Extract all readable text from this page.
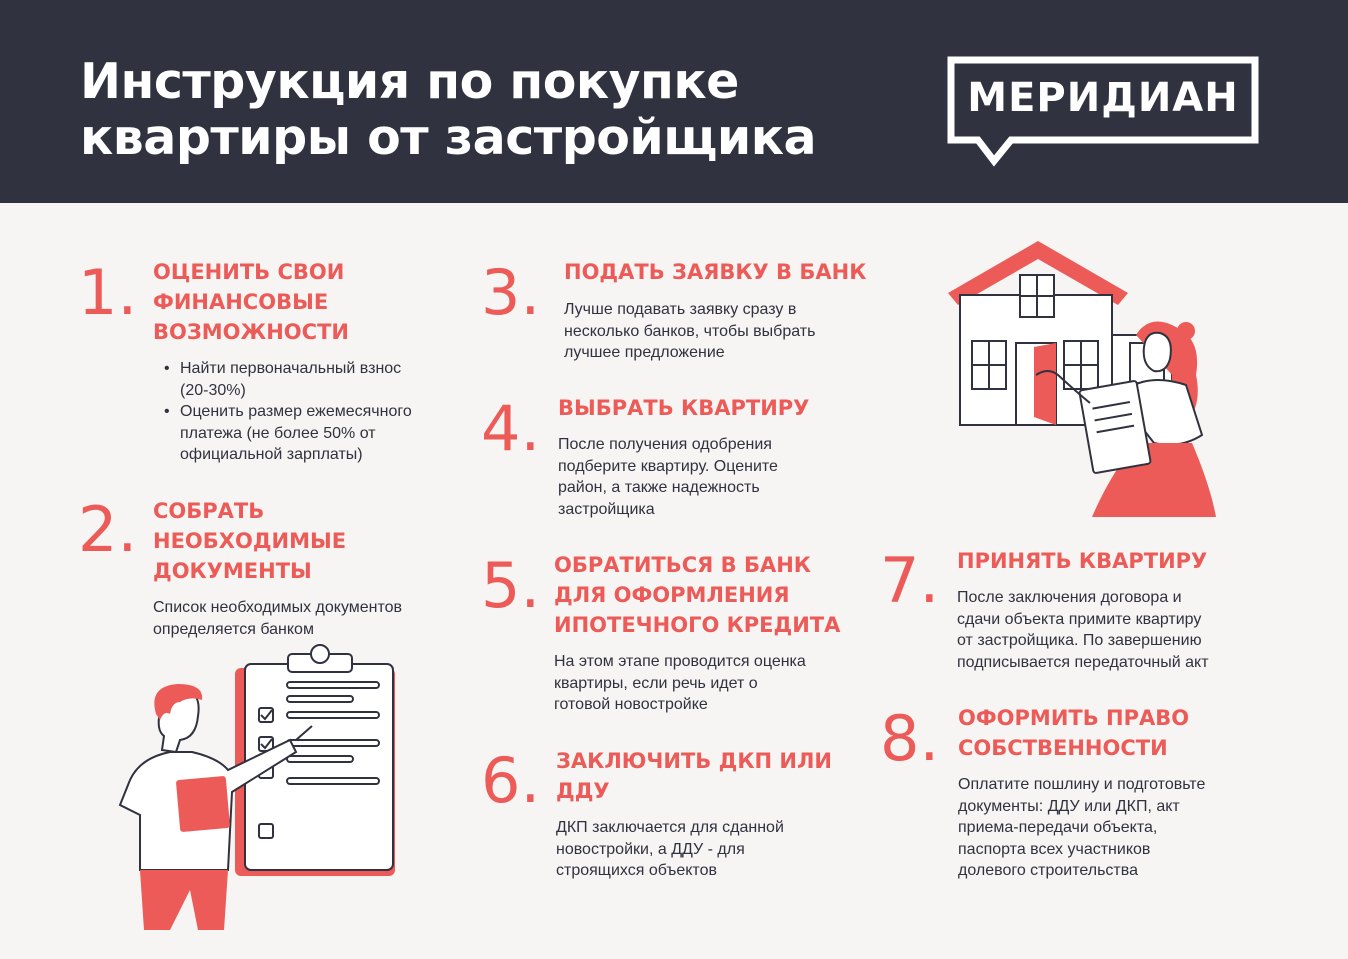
Инструкция по покупке
квартиры от застройщика
МЕРИДИАН
1. ОЦЕНИТЬ СВОИ
ФИНАНСОВЫЕ
ВОЗМОЖНОСТИ
• Найти первоначальный взнос
(20-30%)
• Оценить размер ежемесячного
платежа (не более 50% от
официальной зарплаты)
2. СОБРАТЬ
НЕОБХОДИМЫЕ
ДОКУМЕНТЫ
Список необходимых документов
определяется банком
3. ПОДАТЬ ЗАЯВКУ В БАНК
Лучше подавать заявку сразу в
несколько банков, чтобы выбрать
лучшее предложение
4. ВЫБРАТЬ КВАРТИРУ
После получения одобрения
подберите квартиру. Оцените
район, а также надежность
застройщика
5. ОБРАТИТЬСЯ В БАНК
ДЛЯ ОФОРМЛЕНИЯ
ИПОТЕЧНОГО КРЕДИТА
На этом этапе проводится оценка
квартиры, если речь идет о
готовой новостройке
6. ЗАКЛЮЧИТЬ ДКП ИЛИ
ДДУ
ДКП заключается для сданной
новостройки, а ДДУ - для
строящихся объектов
7. ПРИНЯТЬ КВАРТИРУ
После заключения договора и
сдачи объекта примите квартиру
от застройщика. По завершению
подписывается передаточный акт
8. ОФОРМИТЬ ПРАВО
СОБСТВЕННОСТИ
Оплатите пошлину и подготовьте
документы: ДДУ или ДКП, акт
приема-передачи объекта,
паспорта всех участников
долевого строительства
